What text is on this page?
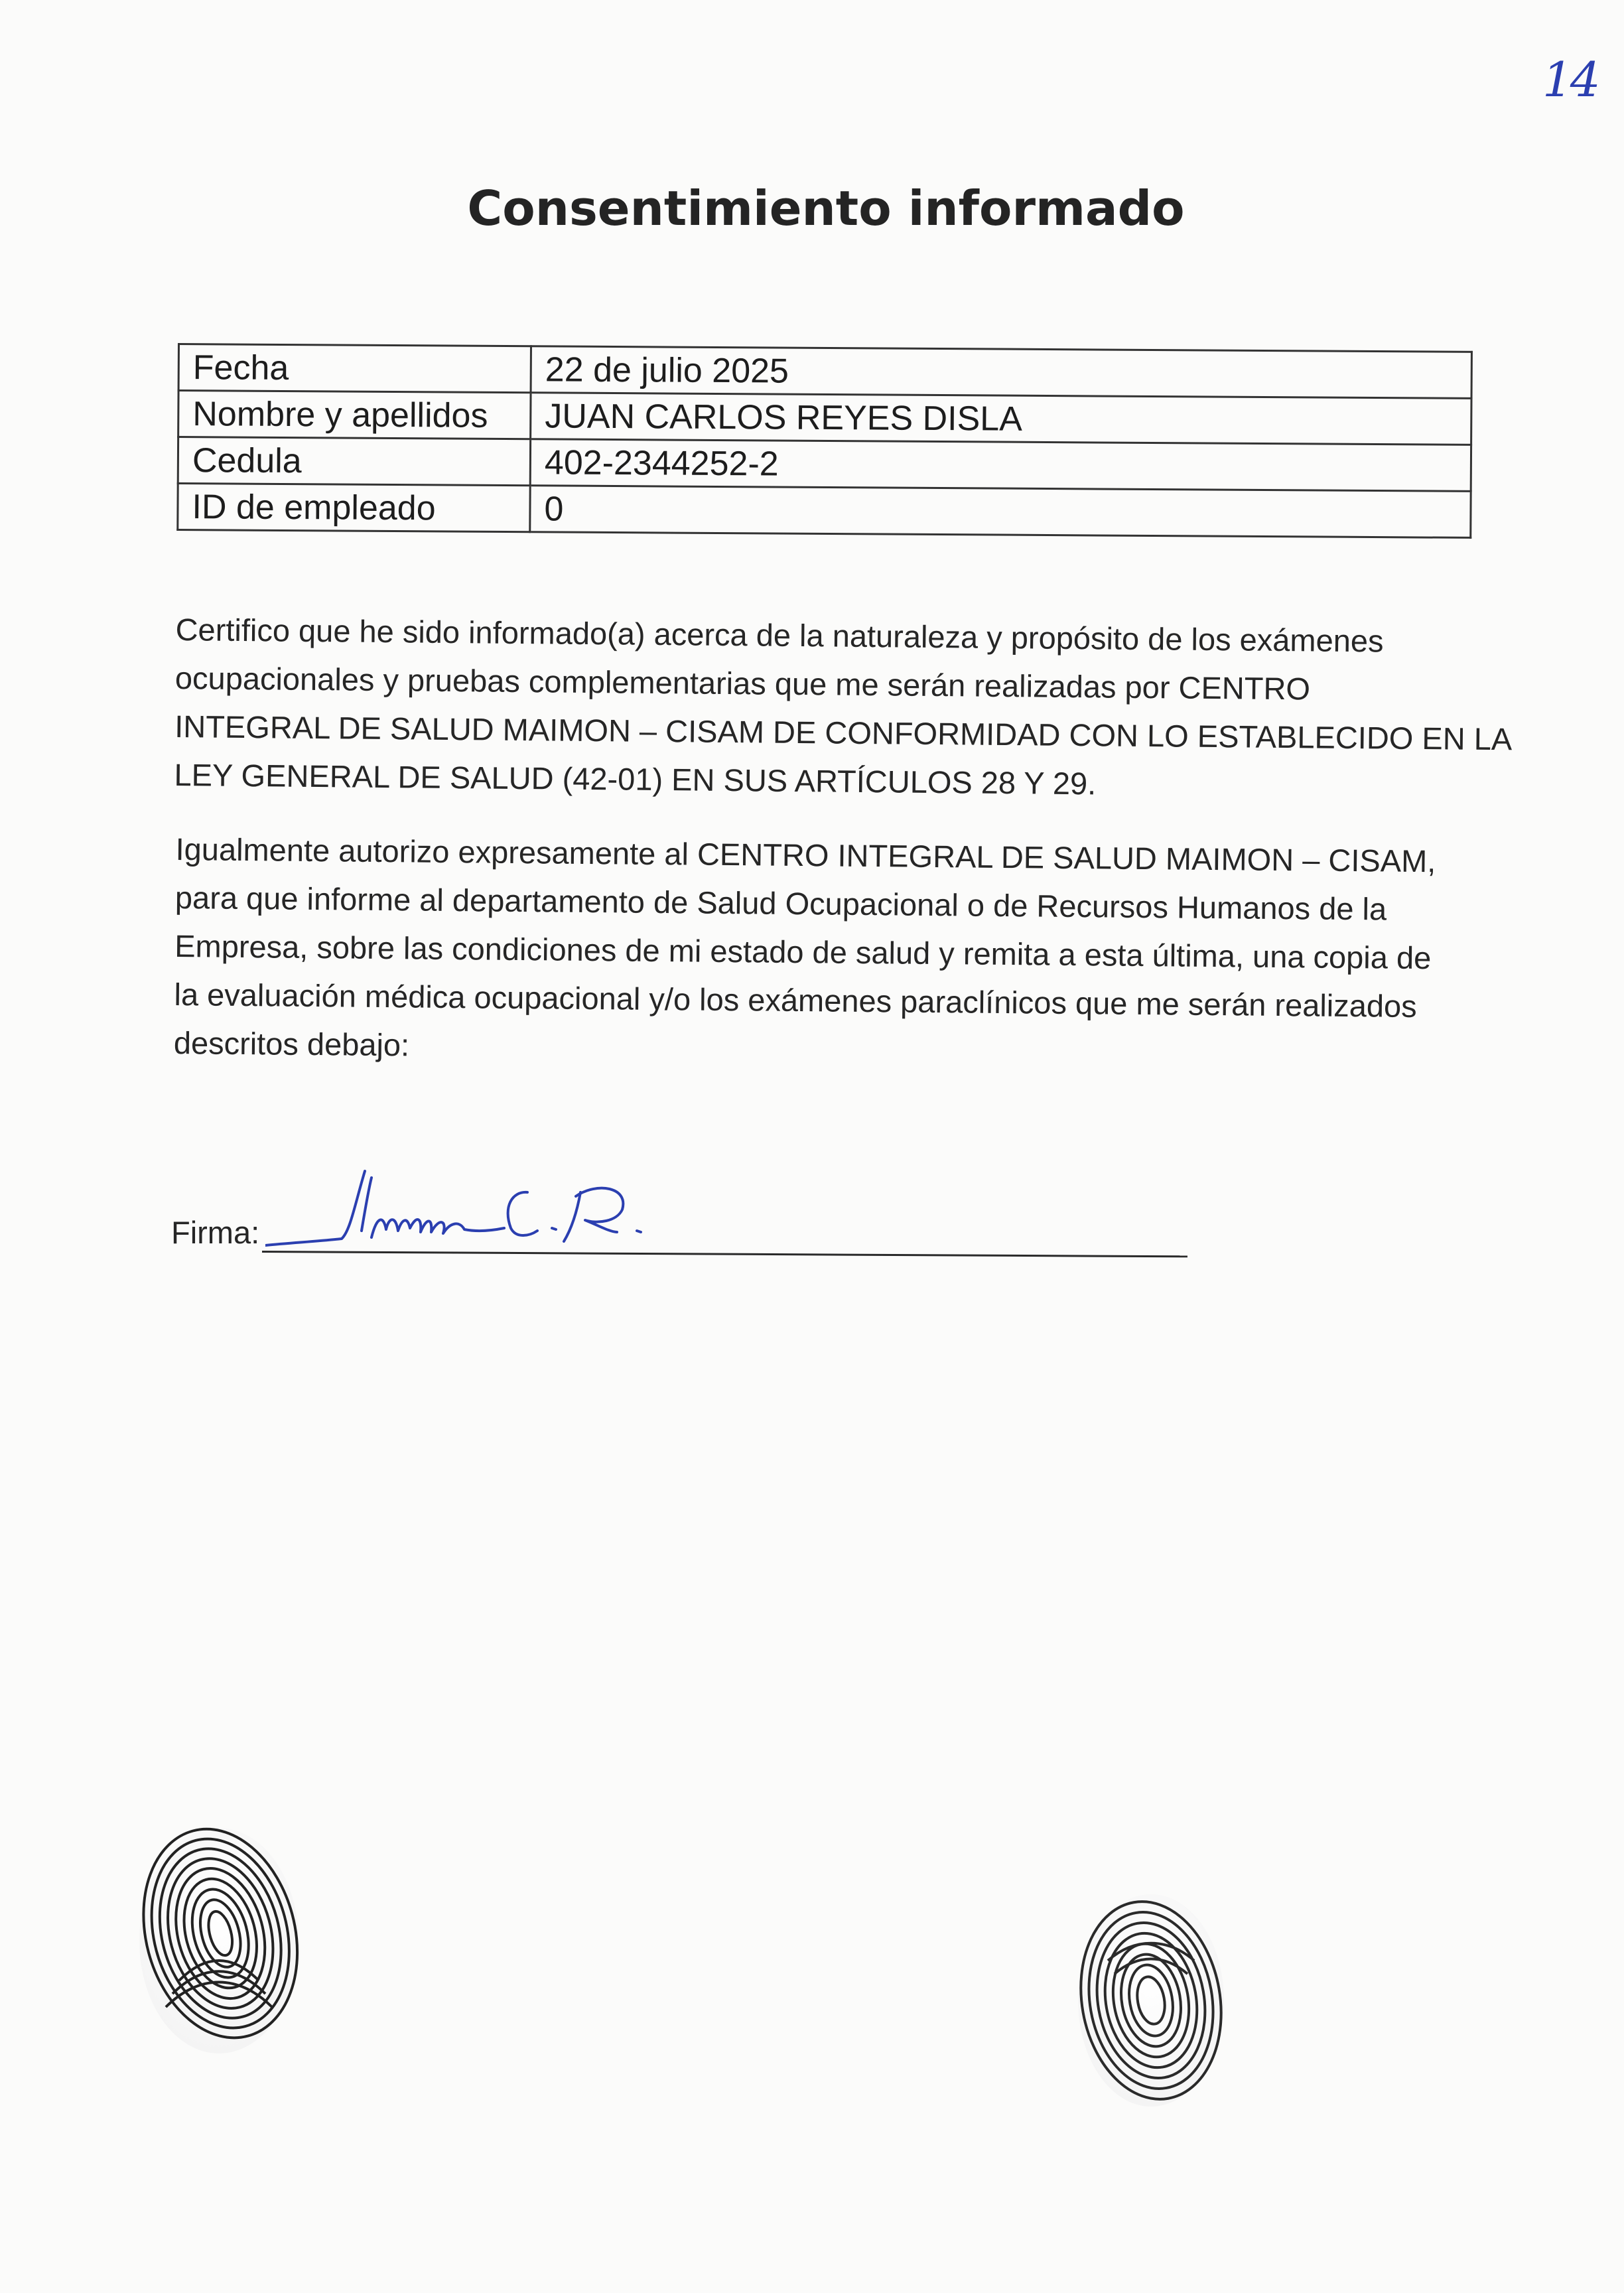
14
Consentimiento informado
Fecha	22 de julio 2025
Nombre y apellidos	JUAN CARLOS REYES DISLA
Cedula	402-2344252-2
ID de empleado	0
Certifico que he sido informado(a) acerca de la naturaleza y propósito de los exámenes
ocupacionales y pruebas complementarias que me serán realizadas por CENTRO
INTEGRAL DE SALUD MAIMON – CISAM DE CONFORMIDAD CON LO ESTABLECIDO EN LA
LEY GENERAL DE SALUD (42-01) EN SUS ARTÍCULOS 28 Y 29.
Igualmente autorizo expresamente al CENTRO INTEGRAL DE SALUD MAIMON – CISAM,
para que informe al departamento de Salud Ocupacional o de Recursos Humanos de la
Empresa, sobre las condiciones de mi estado de salud y remita a esta última, una copia de
la evaluación médica ocupacional y/o los exámenes paraclínicos que me serán realizados
descritos debajo:
Firma:
